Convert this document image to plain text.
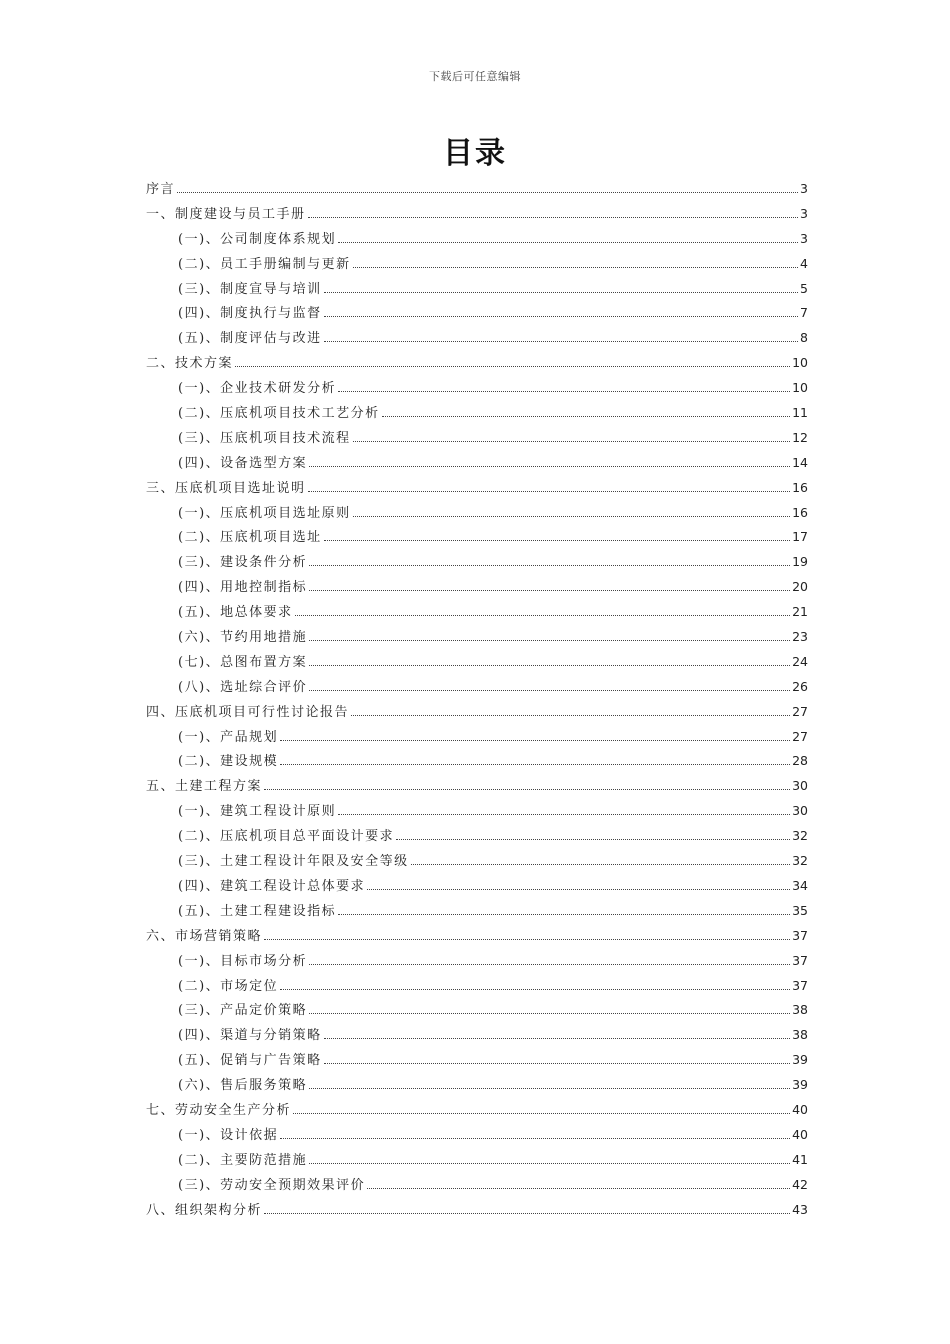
下载后可任意编辑
目录
序言	3
一、制度建设与员工手册	3
(一)、公司制度体系规划	3
(二)、员工手册编制与更新	4
(三)、制度宣导与培训	5
(四)、制度执行与监督	7
(五)、制度评估与改进	8
二、技术方案	10
(一)、企业技术研发分析	10
(二)、压底机项目技术工艺分析	11
(三)、压底机项目技术流程	12
(四)、设备选型方案	14
三、压底机项目选址说明	16
(一)、压底机项目选址原则	16
(二)、压底机项目选址	17
(三)、建设条件分析	19
(四)、用地控制指标	20
(五)、地总体要求	21
(六)、节约用地措施	23
(七)、总图布置方案	24
(八)、选址综合评价	26
四、压底机项目可行性讨论报告	27
(一)、产品规划	27
(二)、建设规模	28
五、土建工程方案	30
(一)、建筑工程设计原则	30
(二)、压底机项目总平面设计要求	32
(三)、土建工程设计年限及安全等级	32
(四)、建筑工程设计总体要求	34
(五)、土建工程建设指标	35
六、市场营销策略	37
(一)、目标市场分析	37
(二)、市场定位	37
(三)、产品定价策略	38
(四)、渠道与分销策略	38
(五)、促销与广告策略	39
(六)、售后服务策略	39
七、劳动安全生产分析	40
(一)、设计依据	40
(二)、主要防范措施	41
(三)、劳动安全预期效果评价	42
八、组织架构分析	43
